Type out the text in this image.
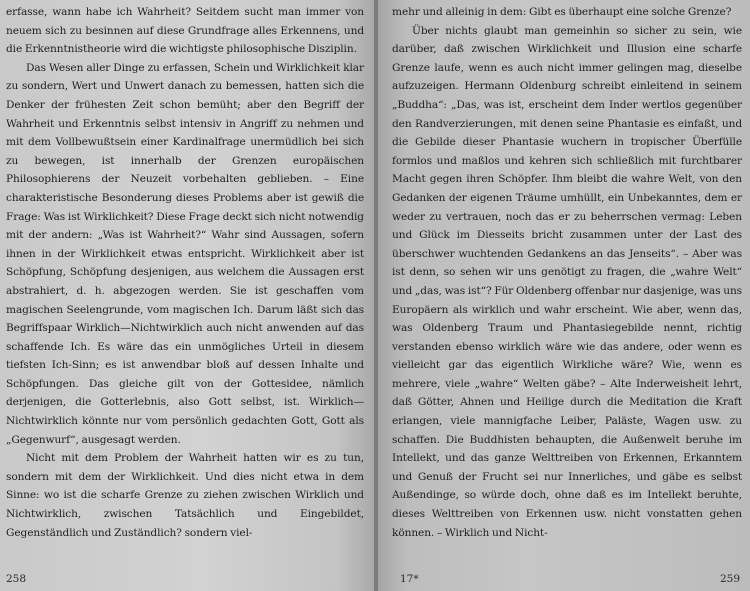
erfasse, wann habe ich Wahrheit? Seitdem sucht man immer von neuem sich zu besinnen auf diese Grundfrage alles Erkennens, und die Erkenntnistheorie wird die wichtigste philosophische Disziplin.

Das Wesen aller Dinge zu erfassen, Schein und Wirklichkeit klar zu sondern, Wert und Unwert danach zu bemessen, hatten sich die Denker der frühesten Zeit schon bemüht; aber den Begriff der Wahrheit und Erkenntnis selbst intensiv in Angriff zu nehmen und mit dem Vollbewußtsein einer Kardinalfrage unermüdlich bei sich zu bewegen, ist innerhalb der Grenzen europäischen Philosophierens der Neuzeit vorbehalten geblieben. – Eine charakteristische Besonderung dieses Problems aber ist gewiß die Frage: Was ist Wirklichkeit? Diese Frage deckt sich nicht notwendig mit der andern: „Was ist Wahrheit?“ Wahr sind Aussagen, sofern ihnen in der Wirklichkeit etwas entspricht. Wirklichkeit aber ist Schöpfung, Schöpfung desjenigen, aus welchem die Aussagen erst abstrahiert, d. h. abgezogen werden. Sie ist geschaffen vom magischen Seelengrunde, vom magischen Ich. Darum läßt sich das Begriffspaar Wirklich—Nichtwirklich auch nicht anwenden auf das schaffende Ich. Es wäre das ein unmögliches Urteil in diesem tiefsten Ich-Sinn; es ist anwendbar bloß auf dessen Inhalte und Schöpfungen. Das gleiche gilt von der Gottesidee, nämlich derjenigen, die Gotterlebnis, also Gott selbst, ist. Wirklich—Nichtwirklich könnte nur vom persönlich gedachten Gott, Gott als „Gegenwurf“, ausgesagt werden.

Nicht mit dem Problem der Wahrheit hatten wir es zu tun, sondern mit dem der Wirklichkeit. Und dies nicht etwa in dem Sinne: wo ist die scharfe Grenze zu ziehen zwischen Wirklich und Nichtwirklich, zwischen Tatsächlich und Eingebildet, Gegenständlich und Zuständlich? sondern viel-

258

mehr und alleinig in dem: Gibt es überhaupt eine solche Grenze?

Über nichts glaubt man gemeinhin so sicher zu sein, wie darüber, daß zwischen Wirklichkeit und Illusion eine scharfe Grenze laufe, wenn es auch nicht immer gelingen mag, dieselbe aufzuzeigen. Hermann Oldenburg schreibt einleitend in seinem „Buddha“: „Das, was ist, erscheint dem Inder wertlos gegenüber den Randverzierungen, mit denen seine Phantasie es einfaßt, und die Gebilde dieser Phantasie wuchern in tropischer Überfülle formlos und maßlos und kehren sich schließlich mit furchtbarer Macht gegen ihren Schöpfer. Ihm bleibt die wahre Welt, von den Gedanken der eigenen Träume umhüllt, ein Unbekanntes, dem er weder zu vertrauen, noch das er zu beherrschen vermag: Leben und Glück im Diesseits bricht zusammen unter der Last des überschwer wuchtenden Gedankens an das Jenseits“. – Aber was ist denn, so sehen wir uns genötigt zu fragen, die „wahre Welt“ und „das, was ist“? Für Oldenberg offenbar nur dasjenige, was uns Europäern als wirklich und wahr erscheint. Wie aber, wenn das, was Oldenberg Traum und Phantasiegebilde nennt, richtig verstanden ebenso wirklich wäre wie das andere, oder wenn es vielleicht gar das eigentlich Wirkliche wäre? Wie, wenn es mehrere, viele „wahre“ Welten gäbe? – Alte Inderweisheit lehrt, daß Götter, Ahnen und Heilige durch die Meditation die Kraft erlangen, viele mannigfache Leiber, Paläste, Wagen usw. zu schaffen. Die Buddhisten behaupten, die Außenwelt beruhe im Intellekt, und das ganze Welttreiben von Erkennen, Erkanntem und Genuß der Frucht sei nur Innerliches, und gäbe es selbst Außendinge, so würde doch, ohne daß es im Intellekt beruhte, dieses Welttreiben von Erkennen usw. nicht vonstatten gehen können. – Wirklich und Nicht-

17*	259
